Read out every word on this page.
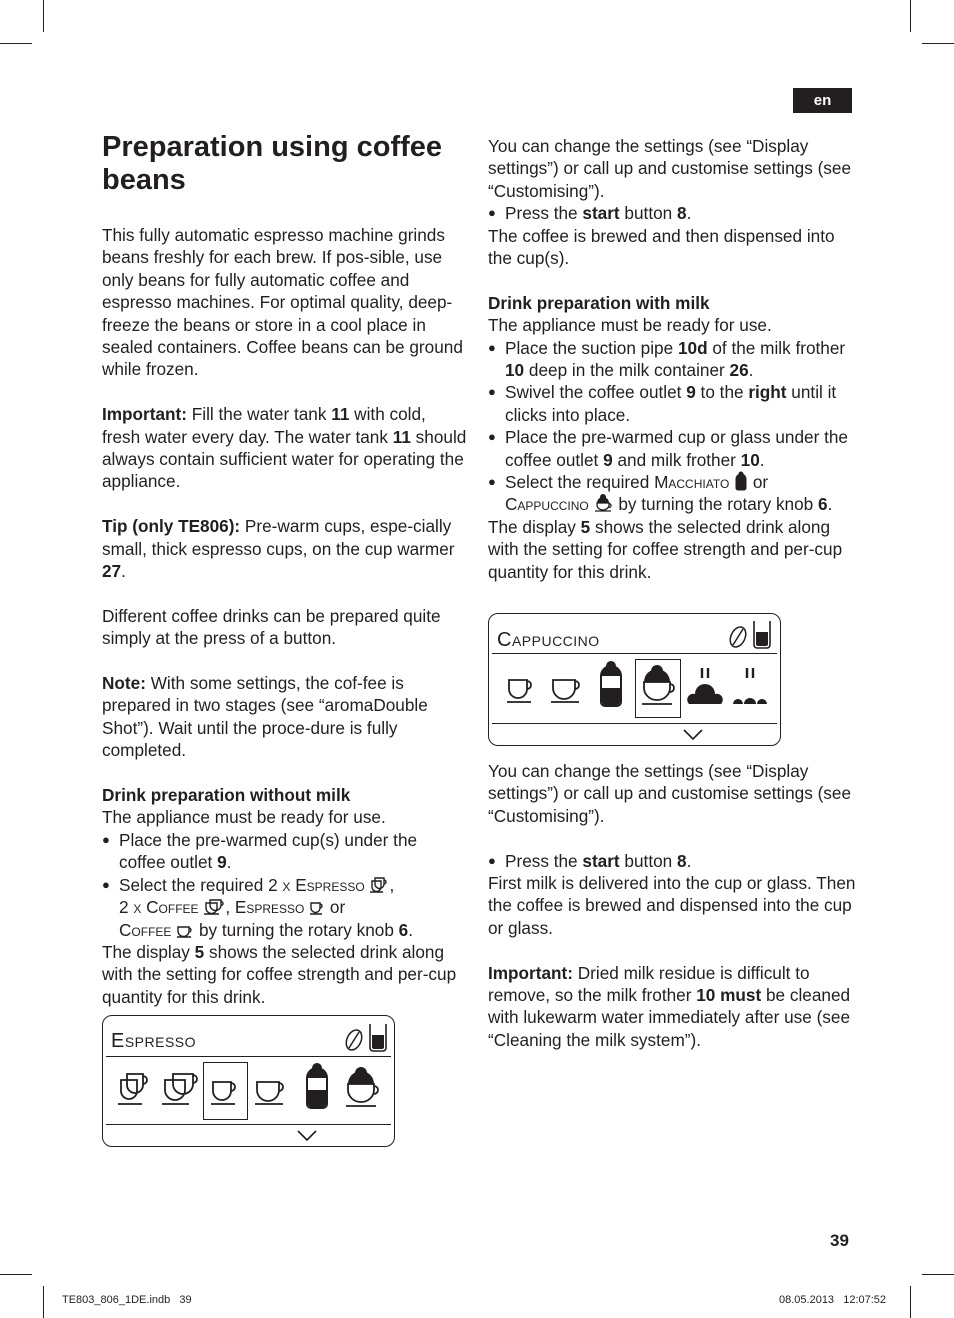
en
Preparation using coffee beans

This fully automatic espresso machine grinds beans freshly for each brew. If pos-sible, use only beans for fully automatic coffee and espresso machines. For optimal quality, deep-freeze the beans or store in a cool place in sealed containers. Coffee beans can be ground while frozen.

Important: Fill the water tank 11 with cold, fresh water every day. The water tank 11 should always contain sufficient water for operating the appliance.

Tip (only TE806): Pre-warm cups, espe-cially small, thick espresso cups, on the cup warmer 27.

Different coffee drinks can be prepared quite simply at the press of a button.

Note: With some settings, the cof-fee is prepared in two stages (see “aromaDouble Shot”). Wait until the proce-dure is fully completed.

Drink preparation without milk

The appliance must be ready for use.

● Place the pre-warmed cup(s) under the coffee outlet 9.

● Select the required 2 x Espresso ,
2 x Coffee , Espresso  or
Coffee  by turning the rotary knob 6.

The display 5 shows the selected drink along with the setting for coffee strength and per-cup quantity for this drink.

Espresso

You can change the settings (see “Display settings”) or call up and customise settings (see “Customising”).

● Press the start button 8.

The coffee is brewed and then dispensed into the cup(s).

Drink preparation with milk

The appliance must be ready for use.

● Place the suction pipe 10d of the milk frother 10 deep in the milk container 26.

● Swivel the coffee outlet 9 to the right until it clicks into place.

● Place the pre-warmed cup or glass under the coffee outlet 9 and milk frother 10.

● Select the required Macchiato  or
Cappuccino  by turning the rotary knob 6.

The display 5 shows the selected drink along with the setting for coffee strength and per-cup quantity for this drink.

Cappuccino

You can change the settings (see “Display settings”) or call up and customise settings (see “Customising”).

● Press the start button 8.

First milk is delivered into the cup or glass. Then the coffee is brewed and dispensed into the cup or glass.

Important: Dried milk residue is difficult to remove, so the milk frother 10 must be cleaned with lukewarm water immediately after use (see “Cleaning the milk system”).

39
TE803_806_1DE.indb   39	08.05.2013   12:07:52
